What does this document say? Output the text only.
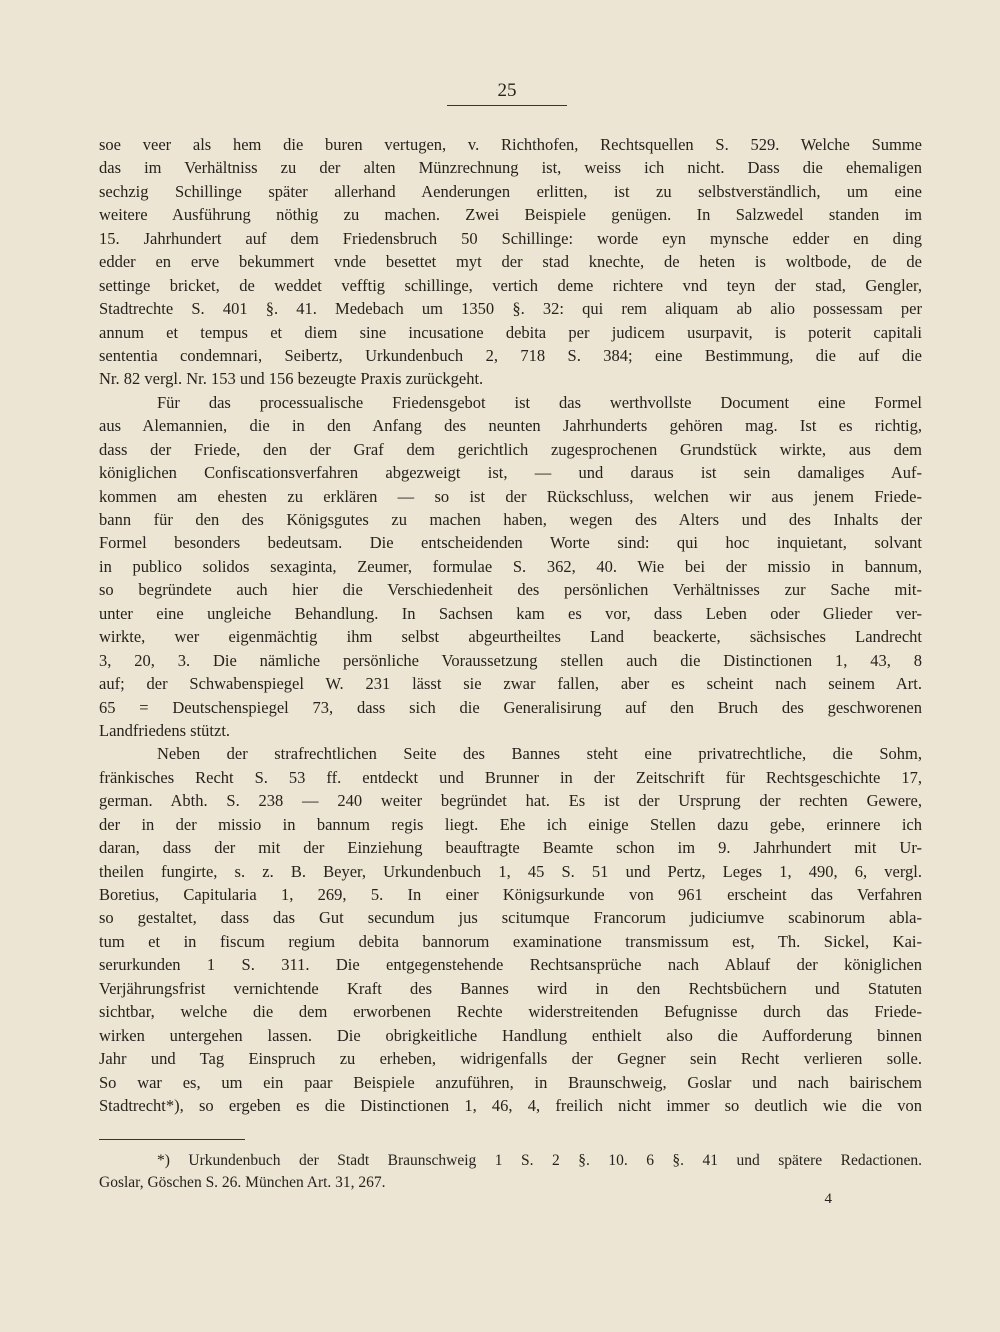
25
soe veer als hem die buren vertugen, v. Richthofen, Rechtsquellen S. 529. Welche Summe
das im Verhältniss zu der alten Münzrechnung ist, weiss ich nicht. Dass die ehemaligen
sechzig Schillinge später allerhand Aenderungen erlitten, ist zu selbstverständlich, um eine
weitere Ausführung nöthig zu machen. Zwei Beispiele genügen. In Salzwedel standen im
15. Jahrhundert auf dem Friedensbruch 50 Schillinge: worde eyn mynsche edder en ding
edder en erve bekummert vnde besettet myt der stad knechte, de heten is woltbode, de de
settinge bricket, de weddet vefftig schillinge, vertich deme richtere vnd teyn der stad, Gengler,
Stadtrechte S. 401 §. 41. Medebach um 1350 §. 32: qui rem aliquam ab alio possessam per
annum et tempus et diem sine incusatione debita per judicem usurpavit, is poterit capitali
sententia condemnari, Seibertz, Urkundenbuch 2, 718 S. 384; eine Bestimmung, die auf die
Nr. 82 vergl. Nr. 153 und 156 bezeugte Praxis zurückgeht.
Für das processualische Friedensgebot ist das werthvollste Document eine Formel
aus Alemannien, die in den Anfang des neunten Jahrhunderts gehören mag. Ist es richtig,
dass der Friede, den der Graf dem gerichtlich zugesprochenen Grundstück wirkte, aus dem
königlichen Confiscationsverfahren abgezweigt ist, — und daraus ist sein damaliges Auf-
kommen am ehesten zu erklären — so ist der Rückschluss, welchen wir aus jenem Friede-
bann für den des Königsgutes zu machen haben, wegen des Alters und des Inhalts der
Formel besonders bedeutsam. Die entscheidenden Worte sind: qui hoc inquietant, solvant
in publico solidos sexaginta, Zeumer, formulae S. 362, 40. Wie bei der missio in bannum,
so begründete auch hier die Verschiedenheit des persönlichen Verhältnisses zur Sache mit-
unter eine ungleiche Behandlung. In Sachsen kam es vor, dass Leben oder Glieder ver-
wirkte, wer eigenmächtig ihm selbst abgeurtheiltes Land beackerte, sächsisches Landrecht
3, 20, 3. Die nämliche persönliche Voraussetzung stellen auch die Distinctionen 1, 43, 8
auf; der Schwabenspiegel W. 231 lässt sie zwar fallen, aber es scheint nach seinem Art.
65 = Deutschenspiegel 73, dass sich die Generalisirung auf den Bruch des geschworenen
Landfriedens stützt.
Neben der strafrechtlichen Seite des Bannes steht eine privatrechtliche, die Sohm,
fränkisches Recht S. 53 ff. entdeckt und Brunner in der Zeitschrift für Rechtsgeschichte 17,
german. Abth. S. 238 — 240 weiter begründet hat. Es ist der Ursprung der rechten Gewere,
der in der missio in bannum regis liegt. Ehe ich einige Stellen dazu gebe, erinnere ich
daran, dass der mit der Einziehung beauftragte Beamte schon im 9. Jahrhundert mit Ur-
theilen fungirte, s. z. B. Beyer, Urkundenbuch 1, 45 S. 51 und Pertz, Leges 1, 490, 6, vergl.
Boretius, Capitularia 1, 269, 5. In einer Königsurkunde von 961 erscheint das Verfahren
so gestaltet, dass das Gut secundum jus scitumque Francorum judiciumve scabinorum abla-
tum et in fiscum regium debita bannorum examinatione transmissum est, Th. Sickel, Kai-
serurkunden 1 S. 311. Die entgegenstehende Rechtsansprüche nach Ablauf der königlichen
Verjährungsfrist vernichtende Kraft des Bannes wird in den Rechtsbüchern und Statuten
sichtbar, welche die dem erworbenen Rechte widerstreitenden Befugnisse durch das Friede-
wirken untergehen lassen. Die obrigkeitliche Handlung enthielt also die Aufforderung binnen
Jahr und Tag Einspruch zu erheben, widrigenfalls der Gegner sein Recht verlieren solle.
So war es, um ein paar Beispiele anzuführen, in Braunschweig, Goslar und nach bairischem
Stadtrecht*), so ergeben es die Distinctionen 1, 46, 4, freilich nicht immer so deutlich wie die von
*) Urkundenbuch der Stadt Braunschweig 1 S. 2 §. 10. 6 §. 41 und spätere Redactionen.
Goslar, Göschen S. 26. München Art. 31, 267.
4
